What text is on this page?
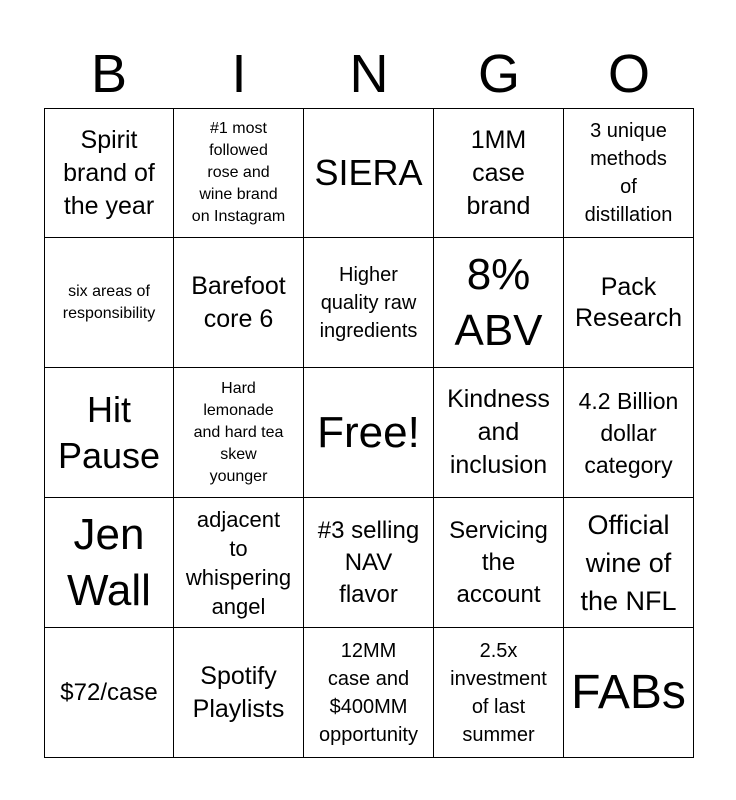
B	I	N	G	O
Spirit
brand of
the year
#1 most
followed
rose and
wine brand
on Instagram
SIERA
1MM
case
brand
3 unique
methods
of
distillation
six areas of
responsibility
Barefoot
core 6
Higher
quality raw
ingredients
8%
ABV
Pack
Research
Hit
Pause
Hard
lemonade
and hard tea
skew
younger
Free!
Kindness
and
inclusion
4.2 Billion
dollar
category
Jen
Wall
adjacent
to
whispering
angel
#3 selling
NAV
flavor
Servicing
the
account
Official
wine of
the NFL
$72/case
Spotify
Playlists
12MM
case and
$400MM
opportunity
2.5x
investment
of last
summer
FABs
